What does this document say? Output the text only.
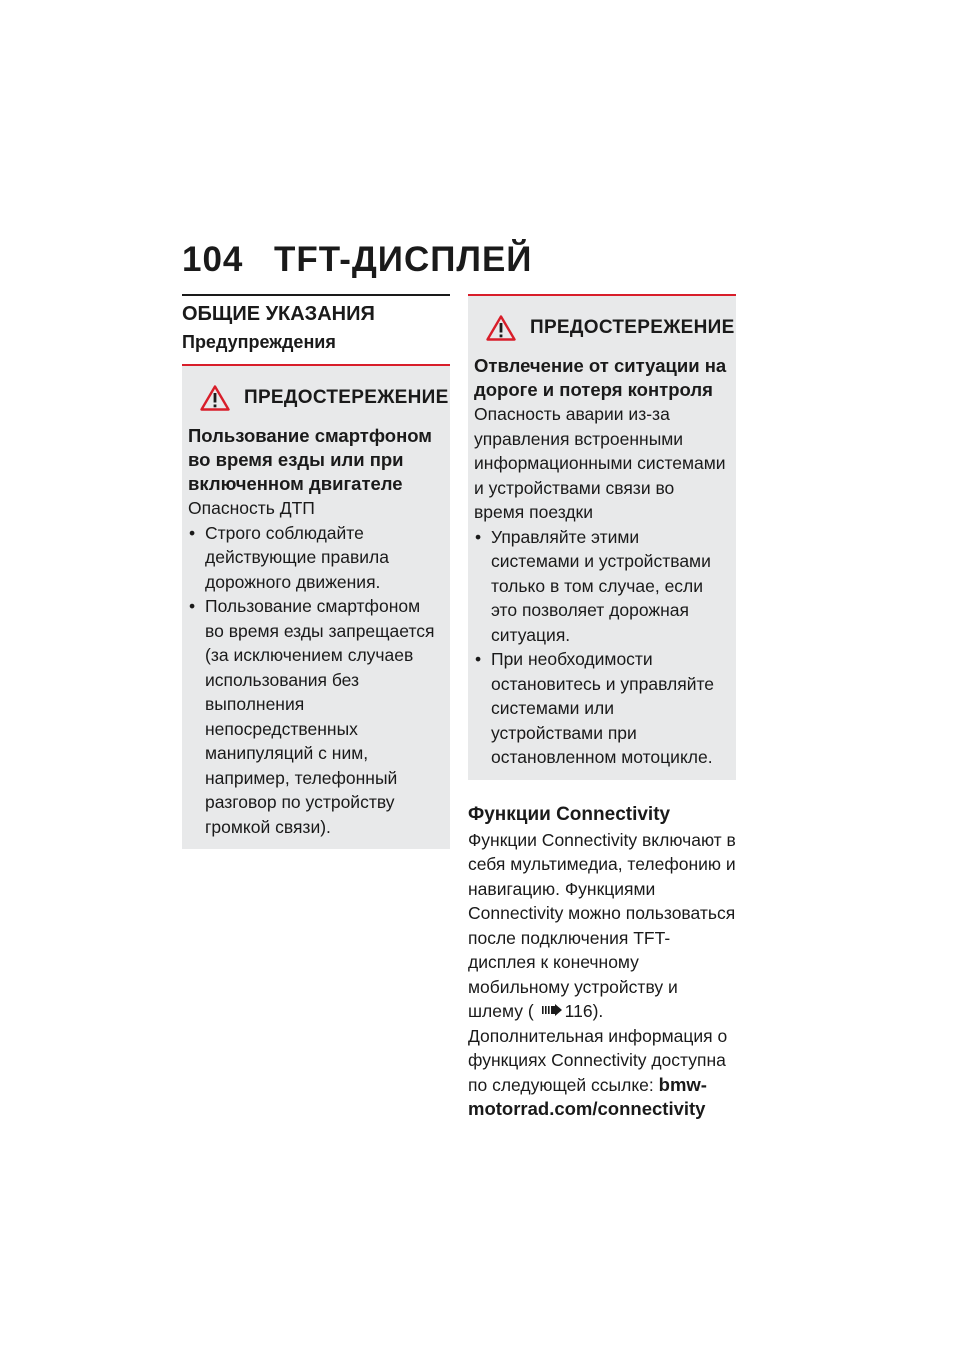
104 TFT-ДИСПЛЕЙ
ОБЩИЕ УКАЗАНИЯ
Предупреждения
ПРЕДОСТЕРЕЖЕНИЕ
Пользование смартфоном во время езды или при включенном двигателе
Опасность ДТП
• Строго соблюдайте действующие правила дорожного движения.
• Пользование смартфоном во время езды запрещается (за исключением случаев использования без выполнения непосредственных манипуляций с ним, например, телефонный разговор по устройству громкой связи).
ПРЕДОСТЕРЕЖЕНИЕ
Отвлечение от ситуации на дороге и потеря контроля
Опасность аварии из-за управления встроенными информационными системами и устройствами связи во время поездки
• Управляйте этими системами и устройствами только в том случае, если это позволяет дорожная ситуация.
• При необходимости остановитесь и управляйте системами или устройствами при остановленном мотоцикле.
Функции Connectivity
Функции Connectivity включают в себя мультимедиа, телефонию и навигацию. Функциями Connectivity можно пользоваться после подключения TFT-дисплея к конечному мобильному устройству и шлему ( 116). Дополнительная информация о функциях Connectivity доступна по следующей ссылке: bmw-motorrad.com/connectivity
